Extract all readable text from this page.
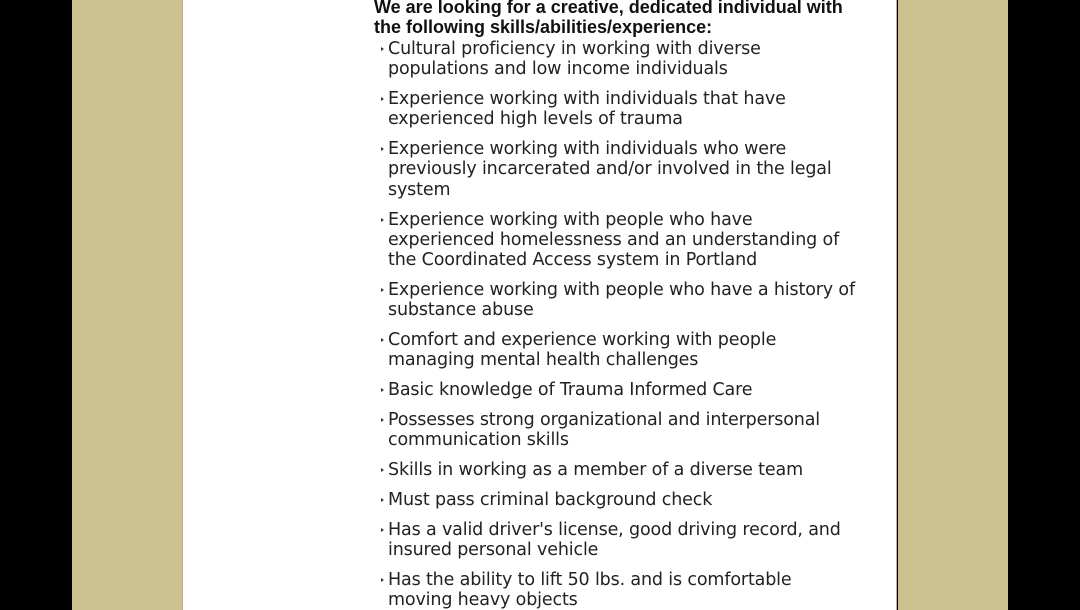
We are looking for a creative, dedicated individual with the following skills/abilities/experience:

Cultural proficiency in working with diverse populations and low income individuals
Experience working with individuals that have experienced high levels of trauma
Experience working with individuals who were previously incarcerated and/or involved in the legal system
Experience working with people who have experienced homelessness and an understanding of the Coordinated Access system in Portland
Experience working with people who have a history of substance abuse
Comfort and experience working with people managing mental health challenges
Basic knowledge of Trauma Informed Care
Possesses strong organizational and interpersonal communication skills
Skills in working as a member of a diverse team
Must pass criminal background check
Has a valid driver's license, good driving record, and insured personal vehicle
Has the ability to lift 50 lbs. and is comfortable moving heavy objects
